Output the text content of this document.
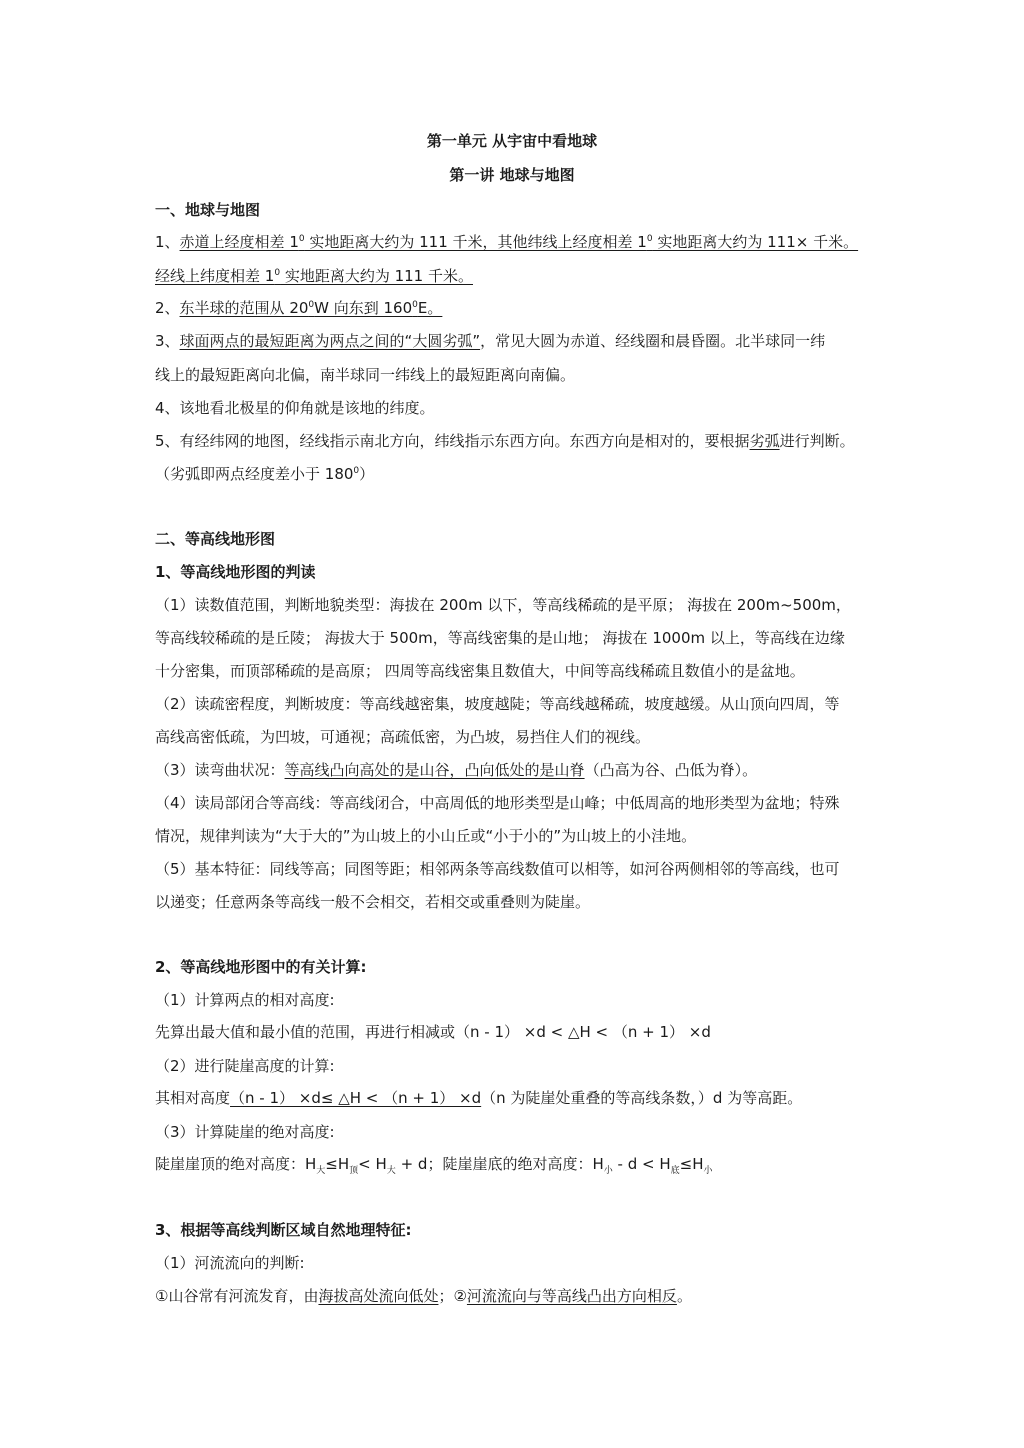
第一单元 从宇宙中看地球
第一讲 地球与地图
一、地球与地图
1、赤道上经度相差 $1^0$ 实地距离大约为 111 千米，其他纬线上经度相差 $1^0$ 实地距离大约为 111× 千米。
经线上纬度相差 $1^0$ 实地距离大约为 111 千米。
2、东半球的范围从 $20^0W$ 向东到 $160^0E$。
3、球面两点的最短距离为两点之间的“大圆劣弧”，常见大圆为赤道、经线圈和晨昏圈。北半球同一纬
线上的最短距离向北偏，南半球同一纬线上的最短距离向南偏。
4、该地看北极星的仰角就是该地的纬度。
5、有经纬网的地图，经线指示南北方向，纬线指示东西方向。东西方向是相对的，要根据劣弧进行判断。
（劣弧即两点经度差小于 $180^0$）
二、等高线地形图
1、等高线地形图的判读
（1）读数值范围，判断地貌类型：海拔在 200m 以下，等高线稀疏的是平原； 海拔在 200m~500m，
等高线较稀疏的是丘陵； 海拔大于 500m，等高线密集的是山地； 海拔在 1000m 以上，等高线在边缘
十分密集，而顶部稀疏的是高原； 四周等高线密集且数值大，中间等高线稀疏且数值小的是盆地。
（2）读疏密程度，判断坡度：等高线越密集，坡度越陡；等高线越稀疏，坡度越缓。从山顶向四周，等
高线高密低疏，为凹坡，可通视；高疏低密，为凸坡，易挡住人们的视线。
（3）读弯曲状况：等高线凸向高处的是山谷，凸向低处的是山脊（凸高为谷、凸低为脊）。
（4）读局部闭合等高线：等高线闭合，中高周低的地形类型是山峰；中低周高的地形类型为盆地；特殊
情况，规律判读为“大于大的”为山坡上的小山丘或“小于小的”为山坡上的小洼地。
（5）基本特征：同线等高；同图等距；相邻两条等高线数值可以相等，如河谷两侧相邻的等高线，也可
以递变；任意两条等高线一般不会相交，若相交或重叠则为陡崖。
2、等高线地形图中的有关计算:
（1）计算两点的相对高度:
先算出最大值和最小值的范围，再进行相减或（n - 1） ×d < △H < （n + 1） ×d
（2）进行陡崖高度的计算:
其相对高度（n - 1） ×d≤ △H < （n + 1） ×d（n 为陡崖处重叠的等高线条数，）d 为等高距。
（3）计算陡崖的绝对高度:
陡崖崖顶的绝对高度：$H_大\le H_顶< H_大 + d$；陡崖崖底的绝对高度：$H_小 - d < H_底\le H_小$
3、根据等高线判断区域自然地理特征:
（1）河流流向的判断:
①山谷常有河流发育，由海拔高处流向低处；②河流流向与等高线凸出方向相反。
